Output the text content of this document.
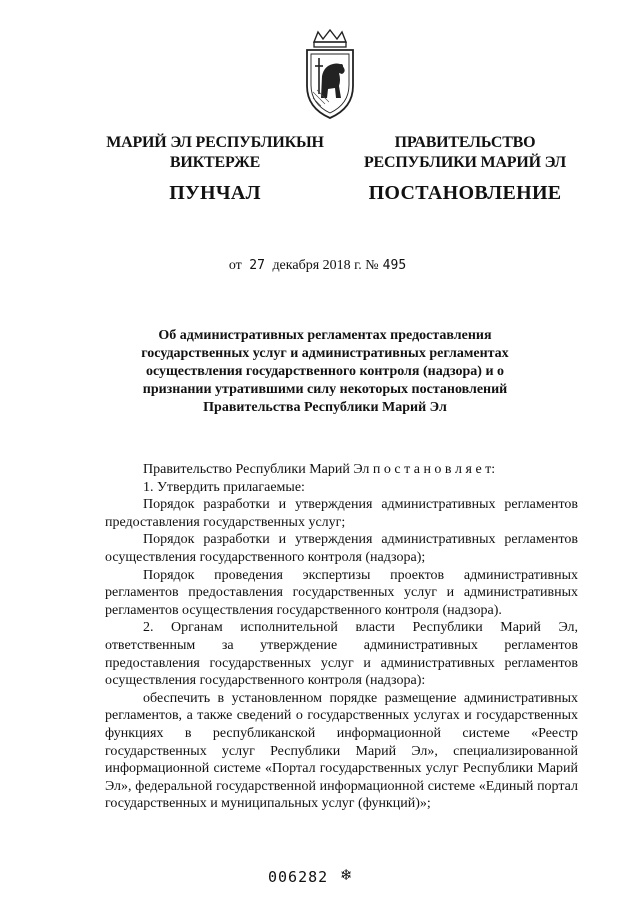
МАРИЙ ЭЛ РЕСПУБЛИКЫН
ВИКТЕРЖЕ
ПУНЧАЛ
ПРАВИТЕЛЬСТВО
РЕСПУБЛИКИ МАРИЙ ЭЛ
ПОСТАНОВЛЕНИЕ
от 27 декабря 2018 г. № 495
Об административных регламентах предоставления государственных услуг и административных регламентах осуществления государственного контроля (надзора) и о признании утратившими силу некоторых постановлений Правительства Республики Марий Эл

Правительство Республики Марий Эл п о с т а н о в л я е т:

1. Утвердить прилагаемые:

Порядок разработки и утверждения административных регламентов предоставления государственных услуг;

Порядок разработки и утверждения административных регламентов осуществления государственного контроля (надзора);

Порядок проведения экспертизы проектов административных регламентов предоставления государственных услуг и административных регламентов осуществления государственного контроля (надзора).

2. Органам исполнительной власти Республики Марий Эл, ответственным за утверждение административных регламентов предоставления государственных услуг и административных регламентов осуществления государственного контроля (надзора):

обеспечить в установленном порядке размещение административных регламентов, а также сведений о государственных услугах и государственных функциях в республиканской информационной системе «Реестр государственных услуг Республики Марий Эл», специализированной информационной системе «Портал государственных услуг Республики Марий Эл», федеральной государственной информационной системе «Единый портал государственных и муниципальных услуг (функций)»;

006282 ❄
